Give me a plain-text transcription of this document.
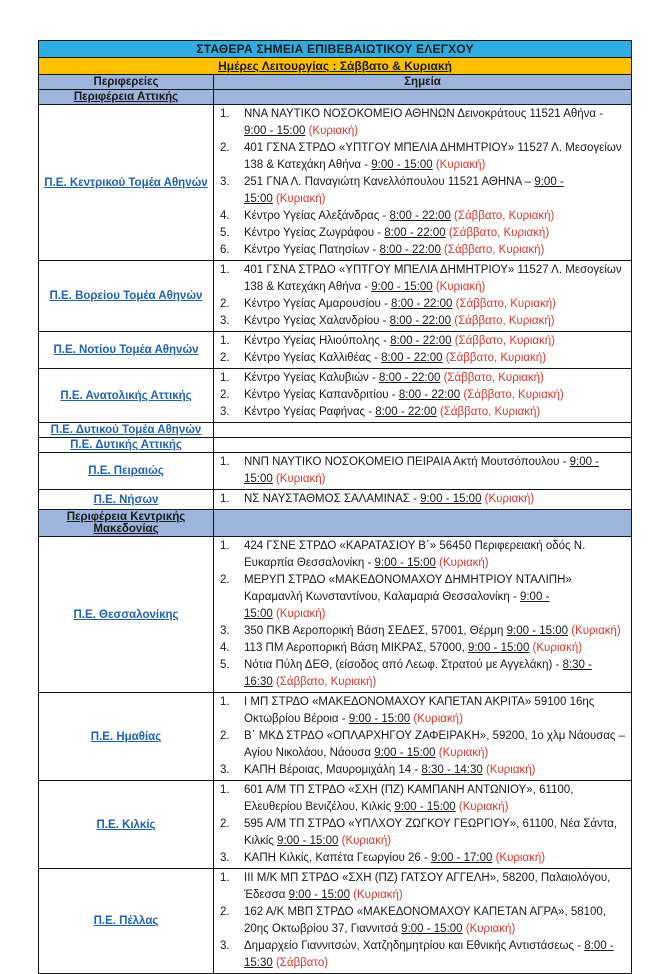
ΣΤΑΘΕΡΑ ΣΗΜΕΙΑ ΕΠΙΒΕΒΑΙΩΤΙΚΟΥ ΕΛΕΓΧΟΥ	
Ημέρες Λειτουργίας : Σάββατο & Κυριακή	
Περιφερείες	Σημεία
Περιφέρεια Αττικής	
Π.Ε. Κεντρικού Τομέα Αθηνών	
1.	ΝΝΑ ΝΑΥΤΙΚΟ ΝΟΣΟΚΟΜΕΙΟ ΑΘΗΝΩΝ Δεινοκράτους 11521 Αθήνα - 9:00 - 15:00 (Κυριακή)
2.	401 ΓΣΝΑ ΣΤΡΔΟ «ΥΠΤΓΟΥ ΜΠΕΛΙΑ ΔΗΜΗΤΡΙΟΥ» 11527 Λ. Μεσογείων 138 & Κατεχάκη Αθήνα - 9:00 - 15:00 (Κυριακή)
3.	251 ΓΝΑ Λ. Παναγιώτη Κανελλόπουλου 11521 ΑΘΗΝΑ – 9:00 - 15:00 (Κυριακή)
4.	Κέντρο Υγείας Αλεξάνδρας - 8:00 - 22:00 (Σάββατο, Κυριακή)
5.	Κέντρο Υγείας Ζωγράφου - 8:00 - 22:00 (Σάββατο, Κυριακή)
6.	Κέντρο Υγείας Πατησίων - 8:00 - 22:00 (Σάββατο, Κυριακή)

Π.Ε. Βορείου Τομέα Αθηνών	
1.	401 ΓΣΝΑ ΣΤΡΔΟ «ΥΠΤΓΟΥ ΜΠΕΛΙΑ ΔΗΜΗΤΡΙΟΥ» 11527 Λ. Μεσογείων 138 & Κατεχάκη Αθήνα - 9:00 - 15:00 (Κυριακή)
2.	Κέντρο Υγείας Αμαρουσίου - 8:00 - 22:00 (Σάββατο, Κυριακή)
3.	Κέντρο Υγείας Χαλανδρίου - 8:00 - 22:00 (Σάββατο, Κυριακή)

Π.Ε. Νοτίου Τομέα Αθηνών	1. Κέντρο Υγείας Ηλιούπολης - 8:00 - 22:00 (Σάββατο, Κυριακή)
2. Κέντρο Υγείας Καλλιθέας - 8:00 - 22:00 (Σάββατο, Κυριακή)

Π.Ε. Ανατολικής Αττικής	
1.	Κέντρο Υγείας Καλυβιών - 8:00 - 22:00 (Σάββατο, Κυριακή)
2.	Κέντρο Υγείας Καπανδριτίου - 8:00 - 22:00 (Σάββατο, Κυριακή)
3.	Κέντρο Υγείας Ραφήνας - 8:00 - 22:00 (Σάββατο, Κυριακή)

Π.Ε. Δυτικού Τομέα Αθηνών	
Π.Ε. Δυτικής Αττικής	
Π.Ε. Πειραιώς	1. ΝΝΠ ΝΑΥΤΙΚΟ ΝΟΣΟΚΟΜΕΙΟ ΠΕΙΡΑΙΑ Ακτή Μουτσόπουλου - 9:00 - 15:00 (Κυριακή)

Π.Ε. Νήσων	1. ΝΣ ΝΑΥΣΤΑΘΜΟΣ ΣΑΛΑΜΙΝΑΣ - 9:00 - 15:00 (Κυριακή)

Περιφέρεια Κεντρικής Μακεδονίας	
Π.Ε. Θεσσαλονίκης	
1.	424 ΓΣΝΕ ΣΤΡΔΟ «ΚΑΡΑΤΑΣΙΟΥ Β΄» 56450 Περιφερειακή οδός Ν. Ευκαρπία Θεσσαλονίκη - 9:00 - 15:00 (Κυριακή)
2.	ΜΕΡΥΠ ΣΤΡΔΟ «ΜΑΚΕΔΟΝΟΜΑΧΟΥ ΔΗΜΗΤΡΙΟΥ ΝΤΑΛΙΠΗ» Καραμανλή Κωνσταντίνου, Καλαμαριά Θεσσαλονίκη - 9:00 - 15:00 (Κυριακή)
3.	350 ΠΚΒ Αεροπορική Βάση ΣΕΔΕΣ, 57001, Θέρμη 9:00 - 15:00 (Κυριακή)
4.	113 ΠΜ Αεροπορική Βάση ΜΙΚΡΑΣ, 57000, 9:00 - 15:00 (Κυριακή)
5.	Νότια Πύλη ΔΕΘ, (είσοδος από Λεωφ. Στρατού με Αγγελάκη) - 8:30 - 16:30 (Σάββατο, Κυριακή)

Π.Ε. Ημαθίας	
1.	Ι ΜΠ ΣΤΡΔΟ «ΜΑΚΕΔΟΝΟΜΑΧΟΥ ΚΑΠΕΤΑΝ ΑΚΡΙΤΑ» 59100 16ης Οκτωβρίου Βέροια - 9:00 - 15:00 (Κυριακή)
2.	Β΄ ΜΚΔ ΣΤΡΔΟ «ΟΠΛΑΡΧΗΓΟΥ ΖΑΦΕΙΡΑΚΗ», 59200, 1ο χλμ Νάουσας – Αγίου Νικολάου, Νάουσα 9:00 - 15:00 (Κυριακή)
3.	ΚΑΠΗ Βέροιας, Μαυρομιχάλη 14 - 8:30 - 14:30 (Κυριακή)

Π.Ε. Κιλκίς	
1.	601 Α/Μ ΤΠ ΣΤΡΔΟ «ΣΧΗ (ΠΖ) ΚΑΜΠΑΝΗ ΑΝΤΩΝΙΟΥ», 61100, Ελευθερίου Βενιζέλου, Κιλκίς 9:00 - 15:00 (Κυριακή)
2.	595 Α/Μ ΤΠ ΣΤΡΔΟ «ΥΠΛΧΟΥ ΖΩΓΚΟΥ ΓΕΩΡΓΙΟΥ», 61100, Νέα Σάντα, Κιλκίς 9:00 - 15:00 (Κυριακή)
3.	ΚΑΠΗ Κιλκίς, Καπέτα Γεωργίου 26 - 9:00 - 17:00 (Κυριακή)

Π.Ε. Πέλλας	
1.	ΙΙΙ Μ/Κ ΜΠ ΣΤΡΔΟ «ΣΧΗ (ΠΖ) ΓΑΤΣΟΥ ΑΓΓΕΛΗ», 58200, Παλαιολόγου, Έδεσσα 9:00 - 15:00 (Κυριακή)
2.	162 Α/Κ ΜΒΠ ΣΤΡΔΟ «ΜΑΚΕΔΟΝΟΜΑΧΟΥ ΚΑΠΕΤΑΝ ΑΓΡΑ», 58100, 20ης Οκτωβρίου 37, Γιαννιτσά 9:00 - 15:00 (Κυριακή)
3.	Δημαρχείο Γιαννιτσών, Χατζηδημητρίου και Εθνικής Αντιστάσεως - 8:00 - 15:30 (Σάββατο)
